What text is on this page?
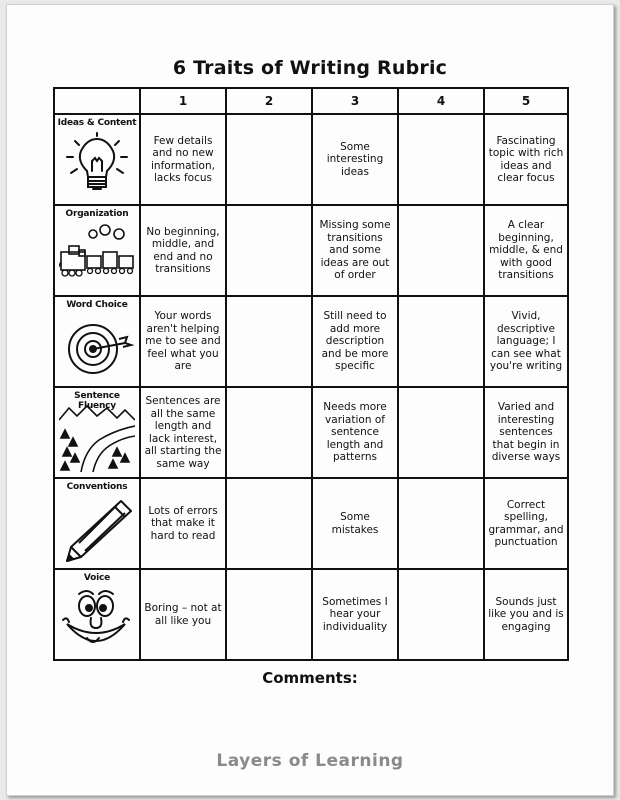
6 Traits of Writing Rubric
	1	2	3	4	5

Ideas & Content	Few details and no new information, lacks focus		Some interesting ideas		Fascinating topic with rich ideas and clear focus

Organization	No beginning, middle, and end and no transitions		Missing some transitions and some ideas are out of order		A clear beginning, middle, & end with good transitions

Word Choice	Your words aren't helping me to see and feel what you are		Still need to add more description and be more specific		Vivid, descriptive language; I can see what you're writing

Sentence Fluency	Sentences are all the same length and lack interest, all starting the same way		Needs more variation of sentence length and patterns		Varied and interesting sentences that begin in diverse ways

Conventions	Lots of errors that make it hard to read		Some mistakes		Correct spelling, grammar, and punctuation

Voice	Boring – not at all like you		Sometimes I hear your individuality		Sounds just like you and is engaging
Comments:
Layers of Learning
